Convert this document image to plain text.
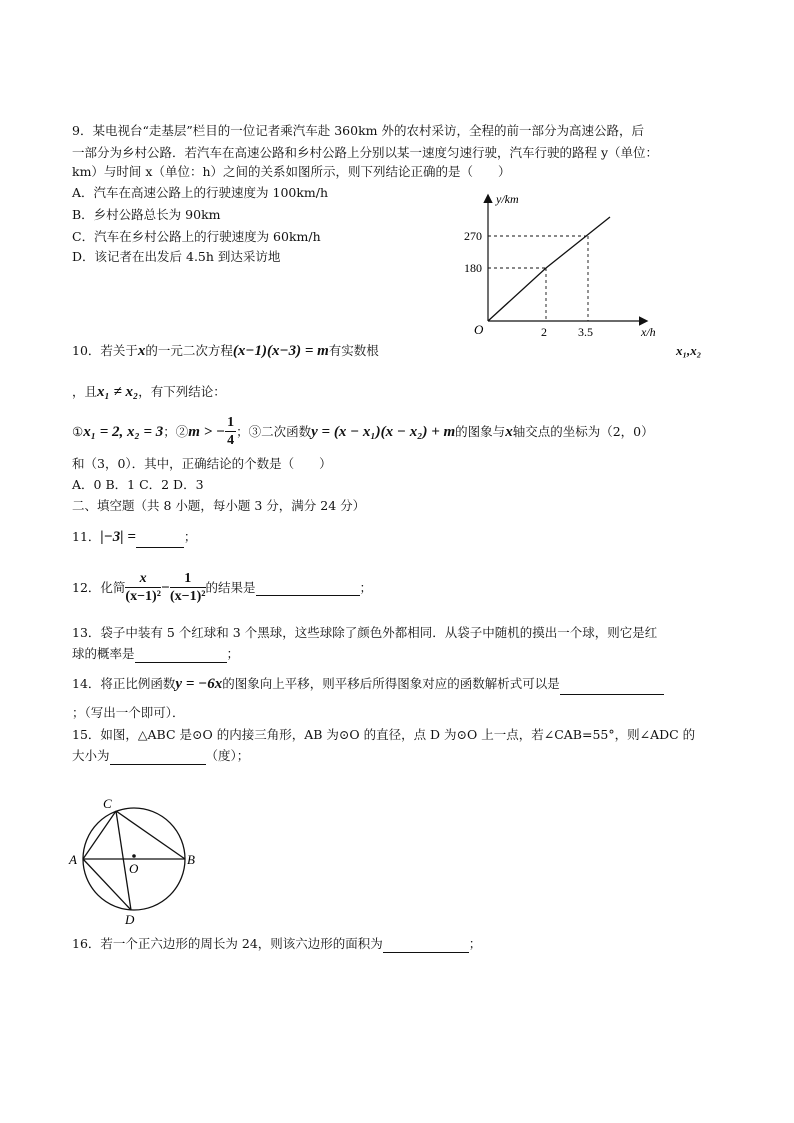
9．某电视台“走基层”栏目的一位记者乘汽车赴 360km 外的农村采访，全程的前一部分为高速公路，后
一部分为乡村公路．若汽车在高速公路和乡村公路上分别以某一速度匀速行驶，汽车行驶的路程 y（单位：
km）与时间 x（单位：h）之间的关系如图所示，则下列结论正确的是（　　）
A．汽车在高速公路上的行驶速度为 100km/h
B．乡村公路总长为 90km
C．汽车在乡村公路上的行驶速度为 60km/h
D．该记者在出发后 4.5h 到达采访地
y/km
x/h
O
270
180
2	3.5
10．若关于x的一元二次方程(x−1)(x−3) = m有实数根	x₁,x₂
，且x₁ ≠ x₂，有下列结论：
①x₁ = 2, x₂ = 3；②m > − $\frac{1}{4}$ ；③二次函数y = (x − x₁)(x − x₂) + m的图象与x轴交点的坐标为（2，0）
和（3，0）．其中，正确结论的个数是（　　）
A．0 B．1 C．2 D．3
二、填空题（共 8 小题，每小题 3 分，满分 24 分）
11．|−3| =	；
12．化简 $\frac{x}{\text{(x−1)²}} - \frac{1}{\text{(x−1)²}}$ 的结果是	；
13．袋子中装有 5 个红球和 3 个黑球，这些球除了颜色外都相同．从袋子中随机的摸出一个球，则它是红
球的概率是	；
14．将正比例函数y = −6x的图象向上平移，则平移后所得图象对应的函数解析式可以是
；（写出一个即可）．
15．如图，△ABC 是⊙O 的内接三角形，AB 为⊙O 的直径，点 D 为⊙O 上一点，若∠CAB=55°，则∠ADC 的
大小为	（度）；
C
A	B
O
D
16．若一个正六边形的周长为 24，则该六边形的面积为	；
